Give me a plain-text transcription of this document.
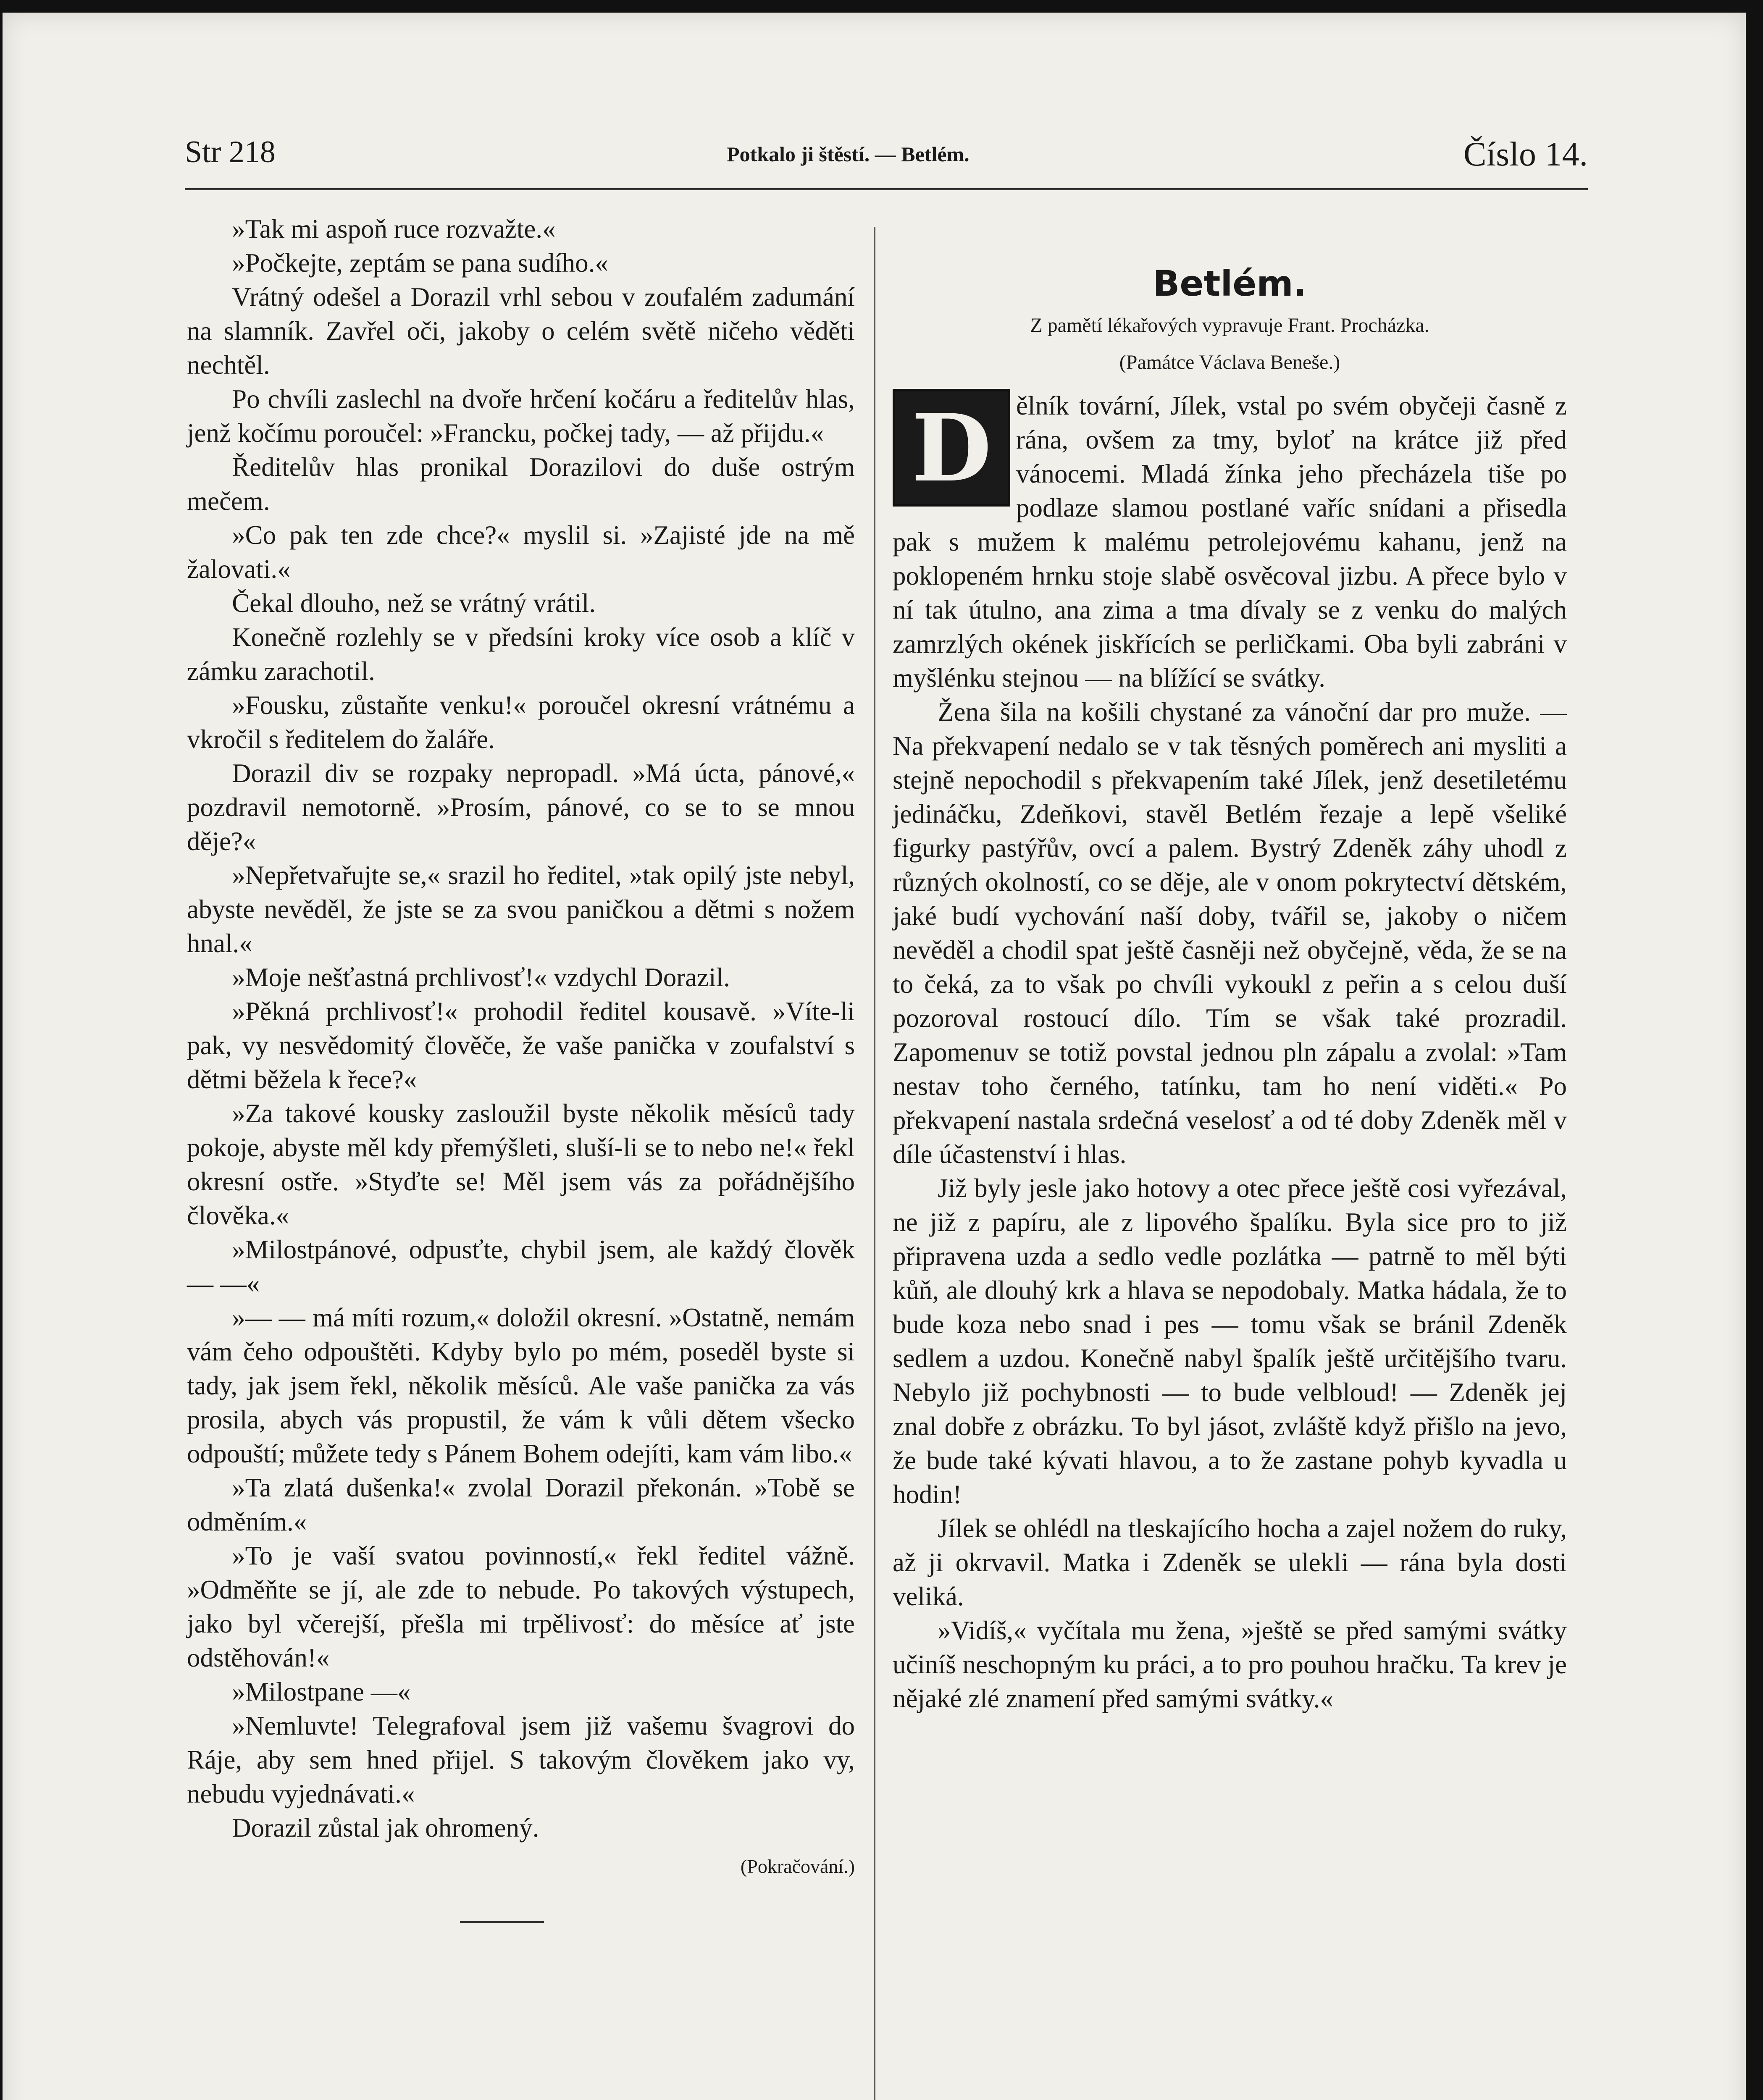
Str 218	Potkalo ji štěstí. — Betlém.	Číslo 14.

»Tak mi aspoň ruce rozvažte.«

»Počkejte, zeptám se pana sudího.«

Vrátný odešel a Dorazil vrhl sebou v zoufalém zadumání na slamník. Zavřel oči, jakoby o celém světě ničeho věděti nechtěl.

Po chvíli zaslechl na dvoře hrčení kočáru a ředitelův hlas, jenž kočímu poroučel: »Francku, počkej tady, — až přijdu.«

Ředitelův hlas pronikal Dorazilovi do duše ostrým mečem.

»Co pak ten zde chce?« myslil si. »Zajisté jde na mě žalovati.«

Čekal dlouho, než se vrátný vrátil.

Konečně rozlehly se v předsíni kroky více osob a klíč v zámku zarachotil.

»Fousku, zůstaňte venku!« poroučel okresní vrátnému a vkročil s ředitelem do žaláře.

Dorazil div se rozpaky nepropadl. »Má úcta, pánové,« pozdravil nemotorně. »Prosím, pánové, co se to se mnou děje?«

»Nepřetvařujte se,« srazil ho ředitel, »tak opilý jste nebyl, abyste nevěděl, že jste se za svou paničkou a dětmi s nožem hnal.«

»Moje nešťastná prchlivosť!« vzdychl Dorazil.

»Pěkná prchlivosť!« prohodil ředitel kousavě. »Víte-li pak, vy nesvědomitý člověče, že vaše panička v zoufalství s dětmi běžela k řece?«

»Za takové kousky zasloužil byste několik měsíců tady pokoje, abyste měl kdy přemýšleti, sluší-li se to nebo ne!« řekl okresní ostře. »Styďte se! Měl jsem vás za pořádnějšího člověka.«

»Milostpánové, odpusťte, chybil jsem, ale každý člověk — —«

»— — má míti rozum,« doložil okresní. »Ostatně, nemám vám čeho odpouštěti. Kdyby bylo po mém, poseděl byste si tady, jak jsem řekl, několik měsíců. Ale vaše panička za vás prosila, abych vás propustil, že vám k vůli dětem všecko odpouští; můžete tedy s Pánem Bohem odejíti, kam vám libo.«

»Ta zlatá dušenka!« zvolal Dorazil překonán. »Tobě se odměním.«

»To je vaší svatou povinností,« řekl ředitel vážně. »Odměňte se jí, ale zde to nebude. Po takových výstupech, jako byl včerejší, přešla mi trpělivosť: do měsíce ať jste odstěhován!«

»Milostpane —«

»Nemluvte! Telegrafoval jsem již vašemu švagrovi do Ráje, aby sem hned přijel. S takovým člověkem jako vy, nebudu vyjednávati.«

Dorazil zůstal jak ohromený.

(Pokračování.)
Betlém.
Z pamětí lékařových vypravuje Frant. Procházka.
(Památce Václava Beneše.)

D ělník tovární, Jílek, vstal po svém obyčeji časně z rána, ovšem za tmy, byloť na krátce již před vánocemi. Mladá žínka jeho přecházela tiše po podlaze slamou postlané vaříc snídani a přisedla pak s mužem k malému petrolejovému kahanu, jenž na poklopeném hrnku stoje slabě osvěcoval jizbu. A přece bylo v ní tak útulno, ana zima a tma dívaly se z venku do malých zamrzlých okének jiskřících se perličkami. Oba byli zabráni v myšlénku stejnou — na blížící se svátky.

Žena šila na košili chystané za vánoční dar pro muže. — Na překvapení nedalo se v tak těsných poměrech ani mysliti a stejně nepochodil s překvapením také Jílek, jenž desetiletému jedináčku, Zdeňkovi, stavěl Betlém řezaje a lepě všeliké figurky pastýřův, ovcí a palem. Bystrý Zdeněk záhy uhodl z různých okolností, co se děje, ale v onom pokrytectví dětském, jaké budí vychování naší doby, tvářil se, jakoby o ničem nevěděl a chodil spat ještě časněji než obyčejně, věda, že se na to čeká, za to však po chvíli vykoukl z peřin a s celou duší pozoroval rostoucí dílo. Tím se však také prozradil. Zapomenuv se totiž povstal jednou pln zápalu a zvolal: »Tam nestav toho černého, tatínku, tam ho není viděti.« Po překvapení nastala srdečná veselosť a od té doby Zdeněk měl v díle účastenství i hlas.

Již byly jesle jako hotovy a otec přece ještě cosi vyřezával, ne již z papíru, ale z lipového špalíku. Byla sice pro to již připravena uzda a sedlo vedle pozlátka — patrně to měl býti kůň, ale dlouhý krk a hlava se nepodobaly. Matka hádala, že to bude koza nebo snad i pes — tomu však se bránil Zdeněk sedlem a uzdou. Konečně nabyl špalík ještě určitějšího tvaru. Nebylo již pochybnosti — to bude velbloud! — Zdeněk jej znal dobře z obrázku. To byl jásot, zvláště když přišlo na jevo, že bude také kývati hlavou, a to že zastane pohyb kyvadla u hodin!

Jílek se ohlédl na tleskajícího hocha a zajel nožem do ruky, až ji okrvavil. Matka i Zdeněk se ulekli — rána byla dosti veliká.

»Vidíš,« vyčítala mu žena, »ještě se před samými svátky učiníš neschopným ku práci, a to pro pouhou hračku. Ta krev je nějaké zlé znamení před samými svátky.«
